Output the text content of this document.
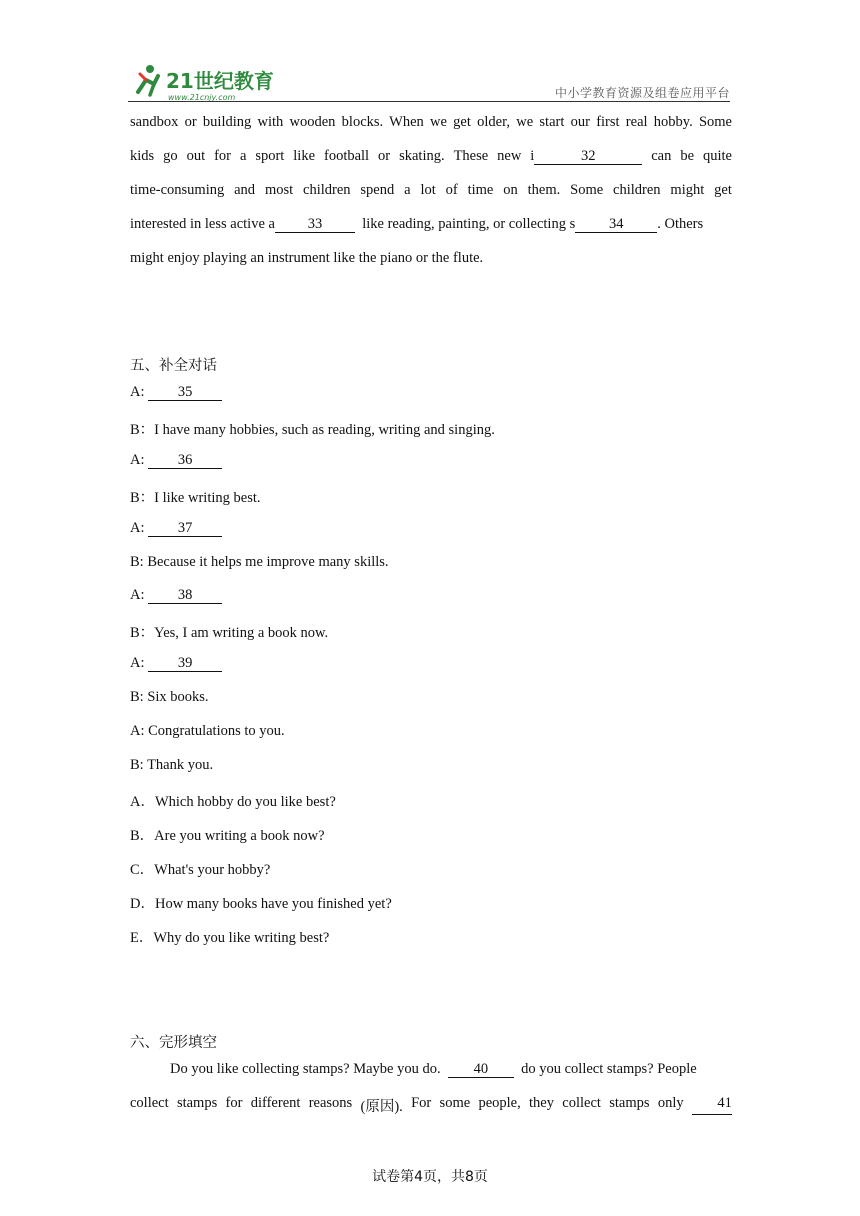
21世纪教育
www.21cnjy.com	中小学教育资源及组卷应用平台
sandbox or building with wooden blocks. When we get older, we start our first real hobby. Some
kids go out for a sport like football or skating. These new i	32	can be quite
time-consuming and most children spend a lot of time on them. Some children might get
interested in less active a 33	like reading, painting, or collecting s 34 . Others
might enjoy playing an instrument like the piano or the flute.
五、补全对话
A: 35
B：I have many hobbies, such as reading, writing and singing.
A: 36
B：I like writing best.
A: 37
B: Because it helps me improve many skills.
A: 38
B：Yes, I am writing a book now.
A: 39
B: Six books.
A: Congratulations to you.
B: Thank you.
A．Which hobby do you like best?
B．Are you writing a book now?
C．What's your hobby?
D．How many books have you finished yet?
E．Why do you like writing best?
六、完形填空
Do you like collecting stamps? Maybe you do. 40 do you collect stamps? People
collect stamps for different reasons (原因). For some people, they collect stamps only	41
试卷第4页，共8页
